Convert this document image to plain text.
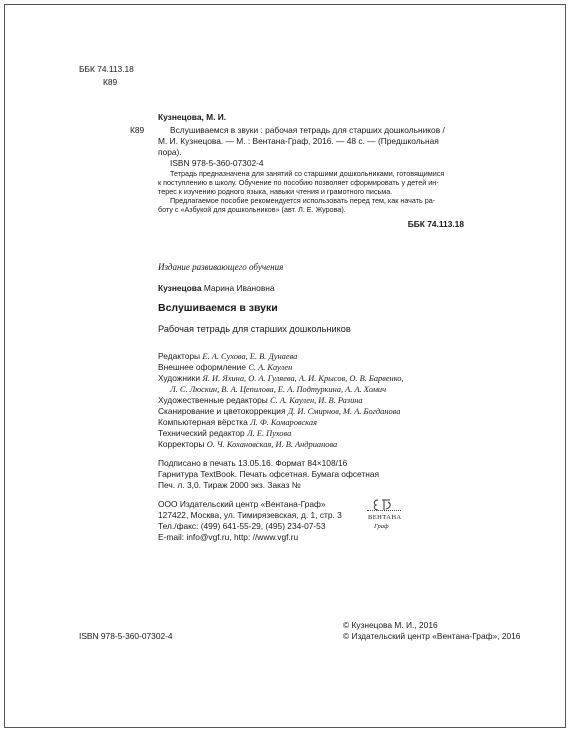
ББК 74.113.18
К89
Кузнецова, М. И.
К89	Вслушиваемся в звуки : рабочая тетрадь для старших дошкольников /
М. И. Кузнецова. — М. : Вентана-Граф, 2016. — 48 с. — (Предшкольная
пора).
ISBN 978-5-360-07302-4
Тетрадь предназначена для занятий со старшими дошкольниками, готовящимися
к поступлению в школу. Обучение по пособию позволяет сформировать у детей ин-
терес к изучению родного языка, навыки чтения и грамотного письма.
Предлагаемое пособие рекомендуется использовать перед тем, как начать ра-
боту с «Азбукой для дошкольников» (авт. Л. Е. Журова).
ББК 74.113.18
Издание развивающего обучения
Кузнецова Марина Ивановна
Вслушиваемся в звуки
Рабочая тетрадь для старших дошкольников
Редакторы Е. А. Сухова, Е. В. Дунаева
Внешнее оформление С. А. Каулен
Художники Я. И. Яхина, О. А. Гуляева, А. И. Крысов, О. В. Барвенко,
Л. С. Люскин, В. А. Цепилова, Е. А. Подтуркина, А. А. Хомич
Художественные редакторы С. А. Каулен, И. В. Разина
Сканирование и цветокоррекция Д. И. Смирнов, М. А. Богданова
Компьютерная вёрстка Л. Ф. Комаровская
Технический редактор Л. Е. Пухова
Корректоры О. Ч. Кохановская, И. В. Андрианова
Подписано в печать 13.05.16. Формат 84×108/16
Гарнитура TextBook. Печать офсетная. Бумага офсетная
Печ. л. 3,0. Тираж 2000 экз. Заказ №
ООО Издательский центр «Вентана-Граф»
127422, Москва, ул. Тимирязевская, д. 1, стр. 3
Тел./факс: (499) 641-55-29, (495) 234-07-53
E-mail: info@vgf.ru, http: //www.vgf.ru
ВЕНТАНА
Граф
ISBN 978-5-360-07302-4
© Кузнецова М. И., 2016
© Издательский центр «Вентана-Граф», 2016
